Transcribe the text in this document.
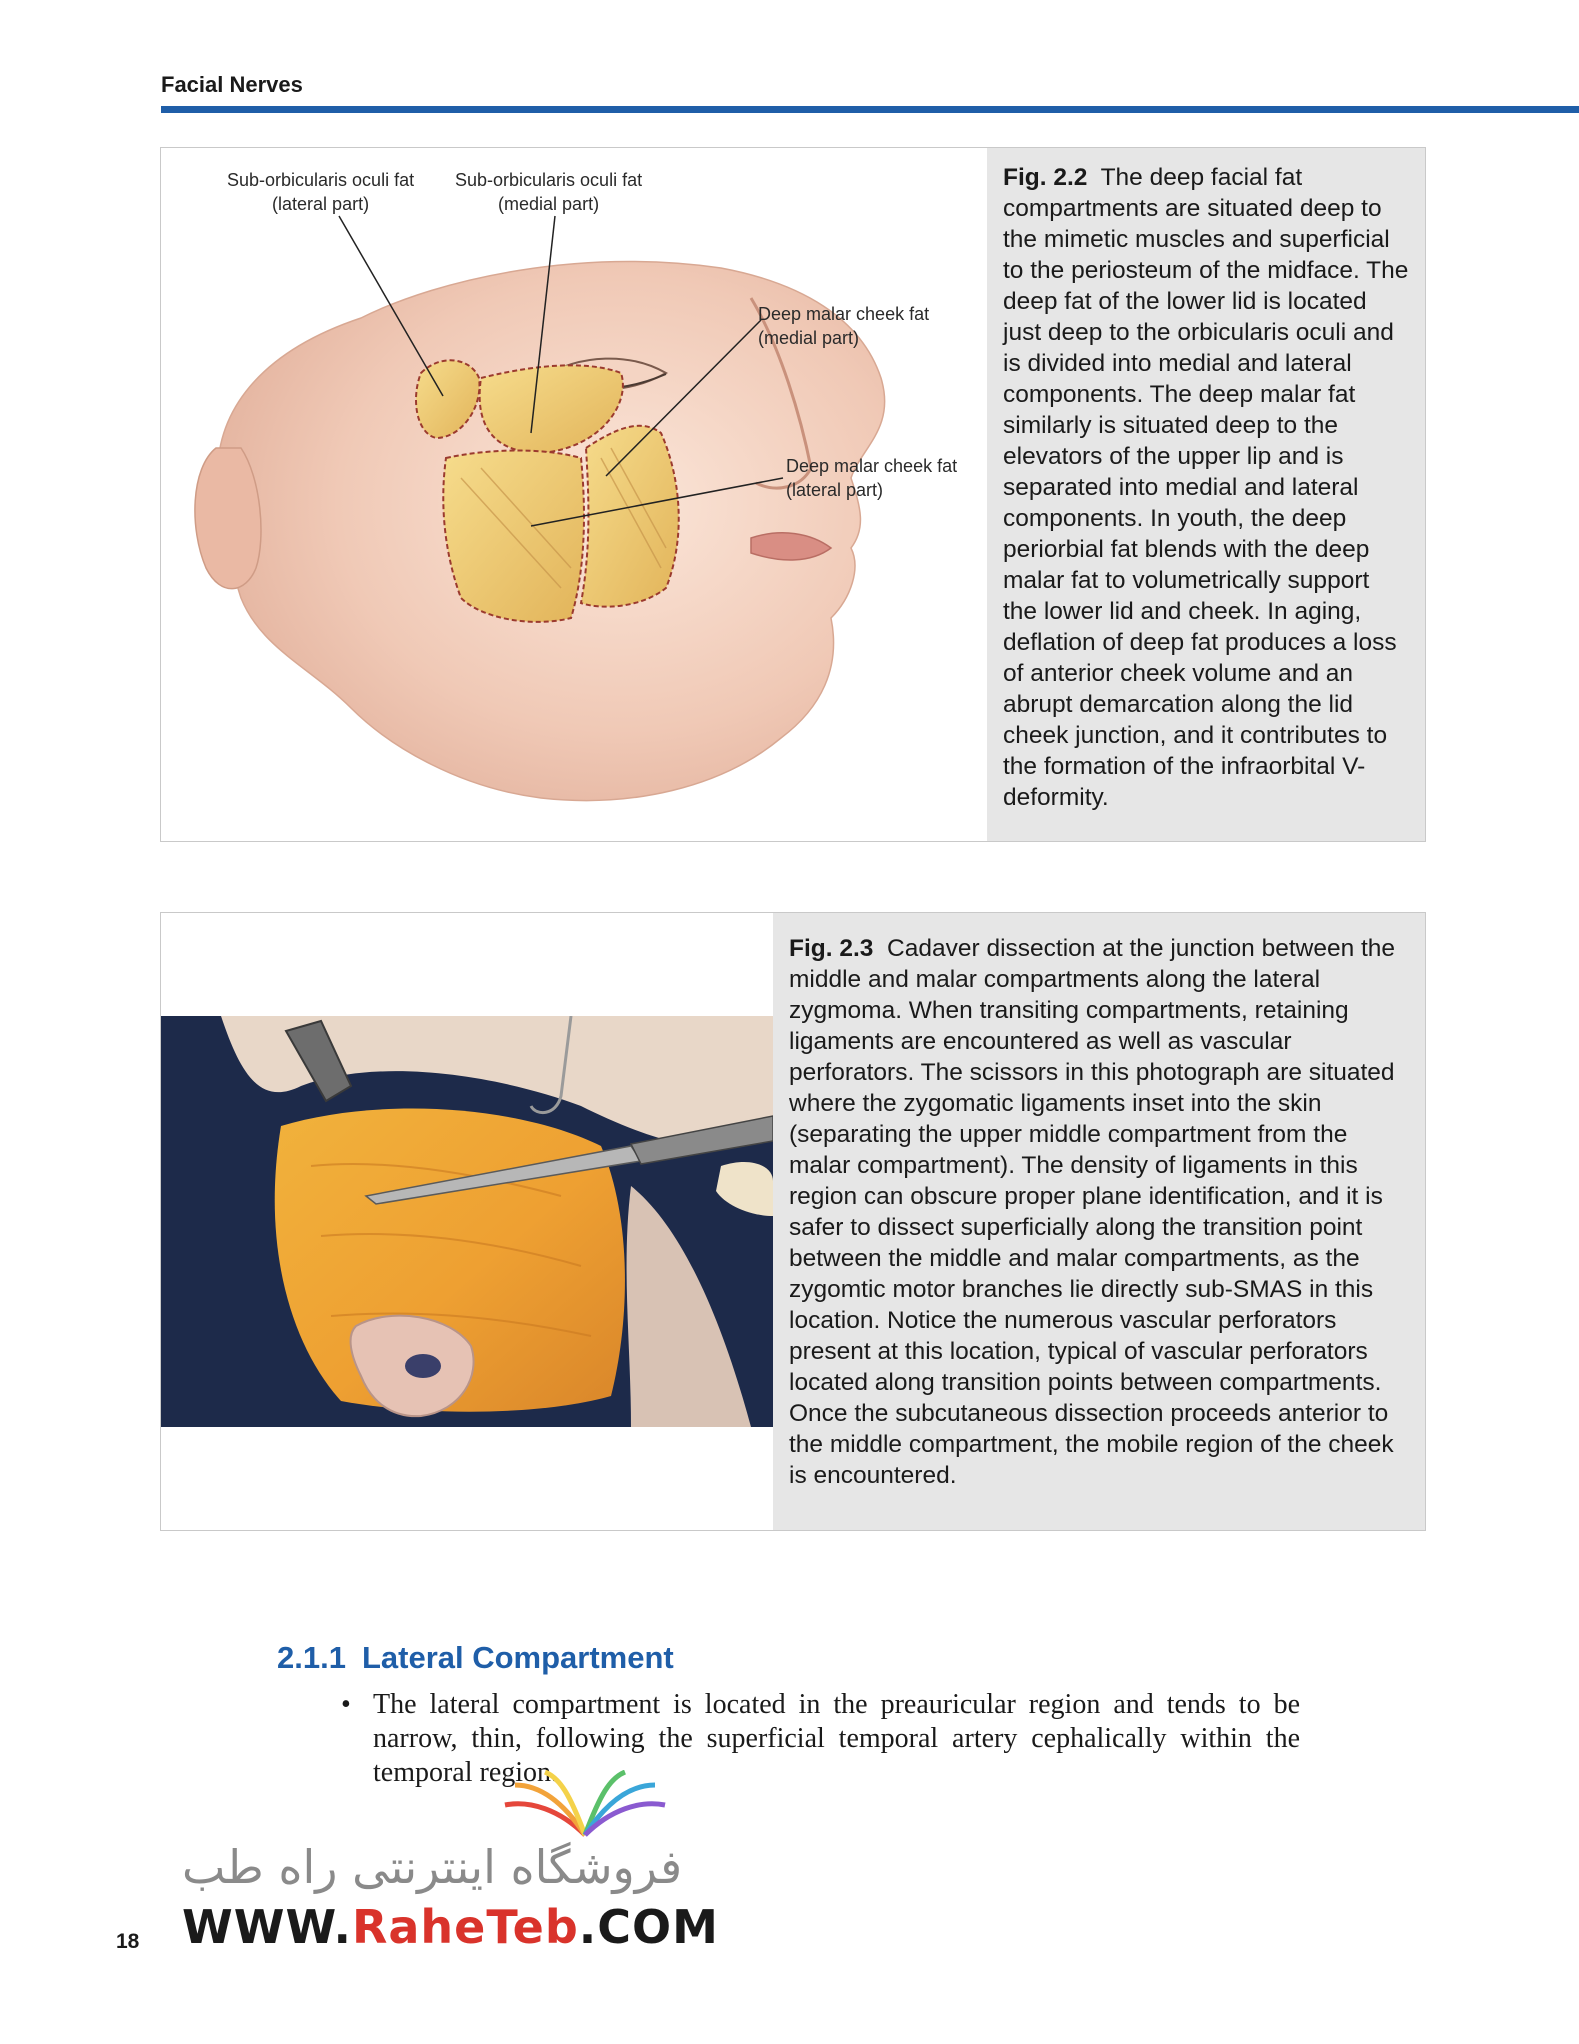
Facial Nerves
Sub-orbicularis oculi fat
(lateral part)
Sub-orbicularis oculi fat
(medial part)
Deep malar cheek fat
(medial part)
Deep malar cheek fat
(lateral part)

Fig. 2.2 The deep facial fat compartments are situated deep to the mimetic muscles and superficial to the periosteum of the midface. The deep fat of the lower lid is located just deep to the orbicularis oculi and is divided into medial and lateral components. The deep malar fat similarly is situated deep to the elevators of the upper lip and is separated into medial and lateral components. In youth, the deep periorbial fat blends with the deep malar fat to volumetrically support the lower lid and cheek. In aging, deflation of deep fat produces a loss of anterior cheek volume and an abrupt demarcation along the lid cheek junction, and it contributes to the formation of the infraorbital V-deformity.

Fig. 2.3 Cadaver dissection at the junction between the middle and malar compartments along the lateral zygmoma. When transiting compartments, retaining ligaments are encountered as well as vascular perforators. The scissors in this photograph are situated where the zygomatic ligaments inset into the skin (separating the upper middle compartment from the malar compartment). The density of ligaments in this region can obscure proper plane identification, and it is safer to dissect superficially along the transition point between the middle and malar compartments, as the zygomtic motor branches lie directly sub-SMAS in this location. Notice the numerous vascular perforators present at this location, typical of vascular perforators located along transition points between compartments. Once the subcutaneous dissection proceeds anterior to the middle compartment, the mobile region of the cheek is encountered.

2.1.1 Lateral Compartment
• The lateral compartment is located in the preauricular region and tends to be narrow, thin, following the superficial temporal artery cephalically within the temporal region.
فروشگاه اینترنتی راه طب
WWW.RaheTeb.COM
18
